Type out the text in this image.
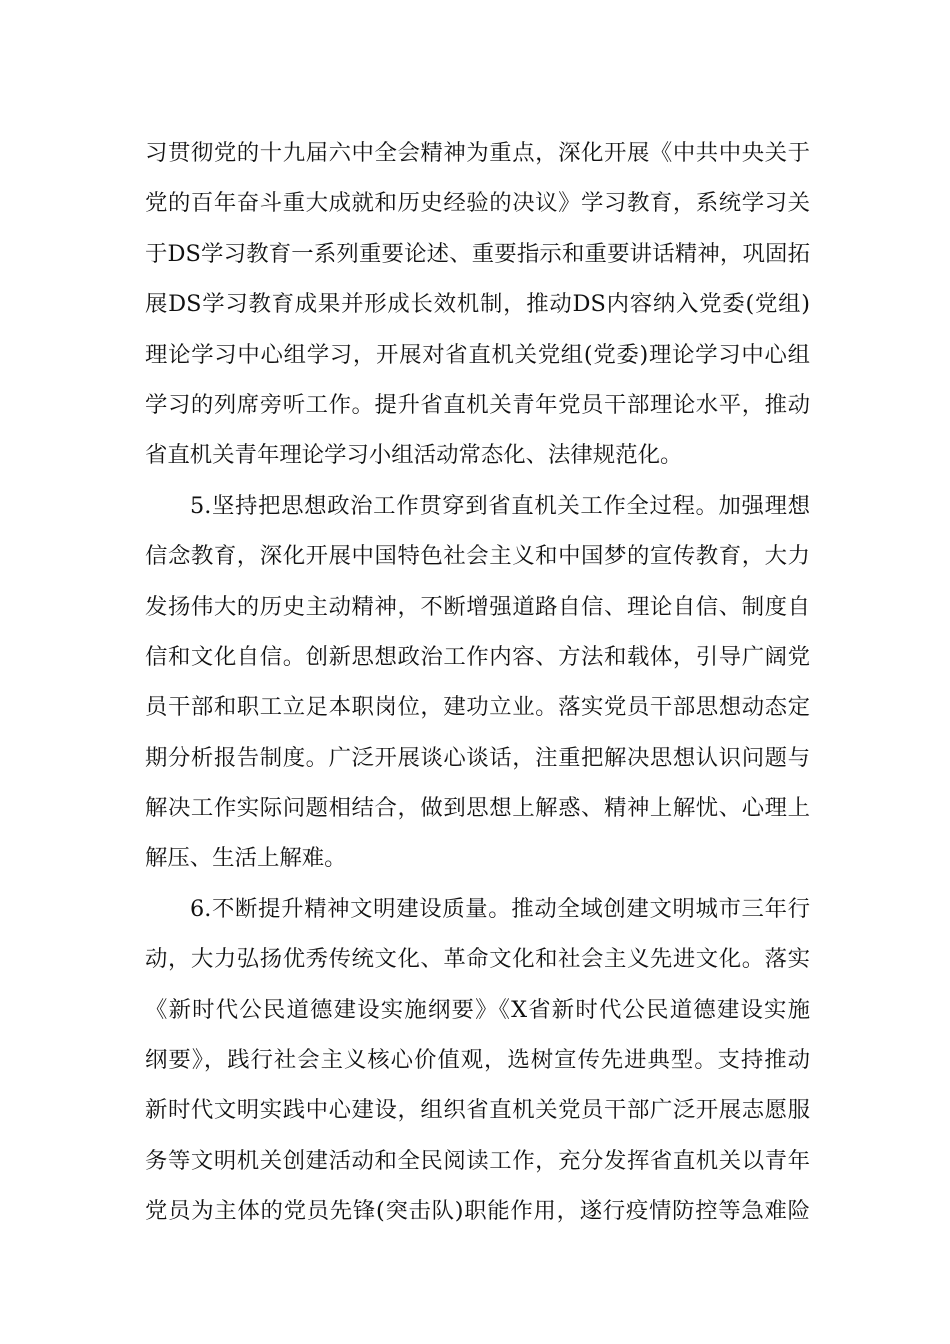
习贯彻党的十九届六中全会精神为重点，深化开展《中共中央关于
党的百年奋斗重大成就和历史经验的决议》学习教育，系统学习关
于DS学习教育一系列重要论述、重要指示和重要讲话精神，巩固拓
展DS学习教育成果并形成长效机制，推动DS内容纳入党委(党组)
理论学习中心组学习，开展对省直机关党组(党委)理论学习中心组
学习的列席旁听工作。提升省直机关青年党员干部理论水平，推动
省直机关青年理论学习小组活动常态化、法律规范化。
5.坚持把思想政治工作贯穿到省直机关工作全过程。加强理想
信念教育，深化开展中国特色社会主义和中国梦的宣传教育，大力
发扬伟大的历史主动精神，不断增强道路自信、理论自信、制度自
信和文化自信。创新思想政治工作内容、方法和载体，引导广阔党
员干部和职工立足本职岗位，建功立业。落实党员干部思想动态定
期分析报告制度。广泛开展谈心谈话，注重把解决思想认识问题与
解决工作实际问题相结合，做到思想上解惑、精神上解忧、心理上
解压、生活上解难。
6.不断提升精神文明建设质量。推动全域创建文明城市三年行
动，大力弘扬优秀传统文化、革命文化和社会主义先进文化。落实
《新时代公民道德建设实施纲要》《X省新时代公民道德建设实施
纲要》，践行社会主义核心价值观，选树宣传先进典型。支持推动
新时代文明实践中心建设，组织省直机关党员干部广泛开展志愿服
务等文明机关创建活动和全民阅读工作，充分发挥省直机关以青年
党员为主体的党员先锋(突击队)职能作用，遂行疫情防控等急难险
